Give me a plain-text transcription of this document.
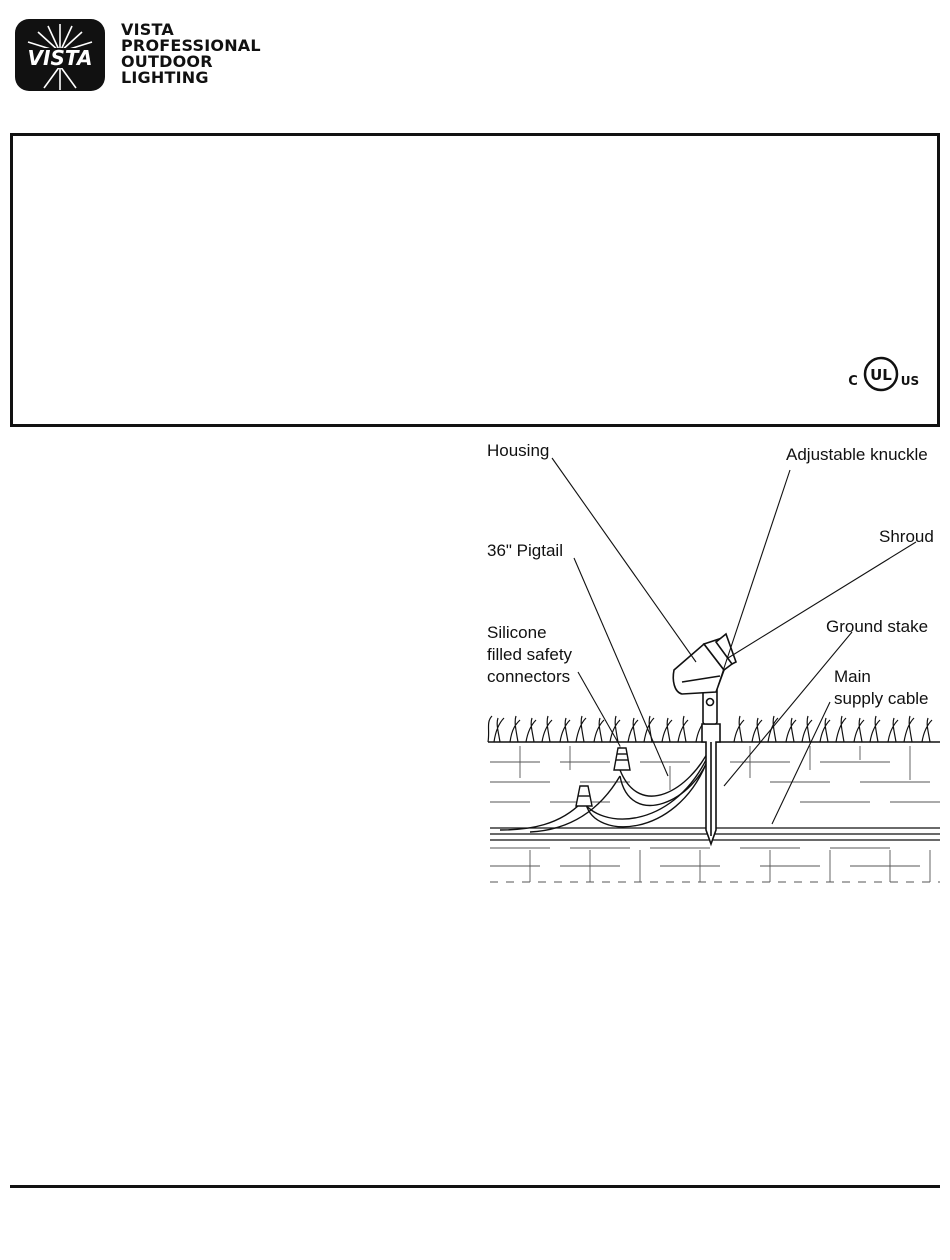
VISTA
VISTA
PROFESSIONAL
OUTDOOR
LIGHTING
UL
C	US
Housing	Adjustable knuckle
36" Pigtail
Shroud
Silicone
filled safety
connectors
Ground stake
Main
supply cable
